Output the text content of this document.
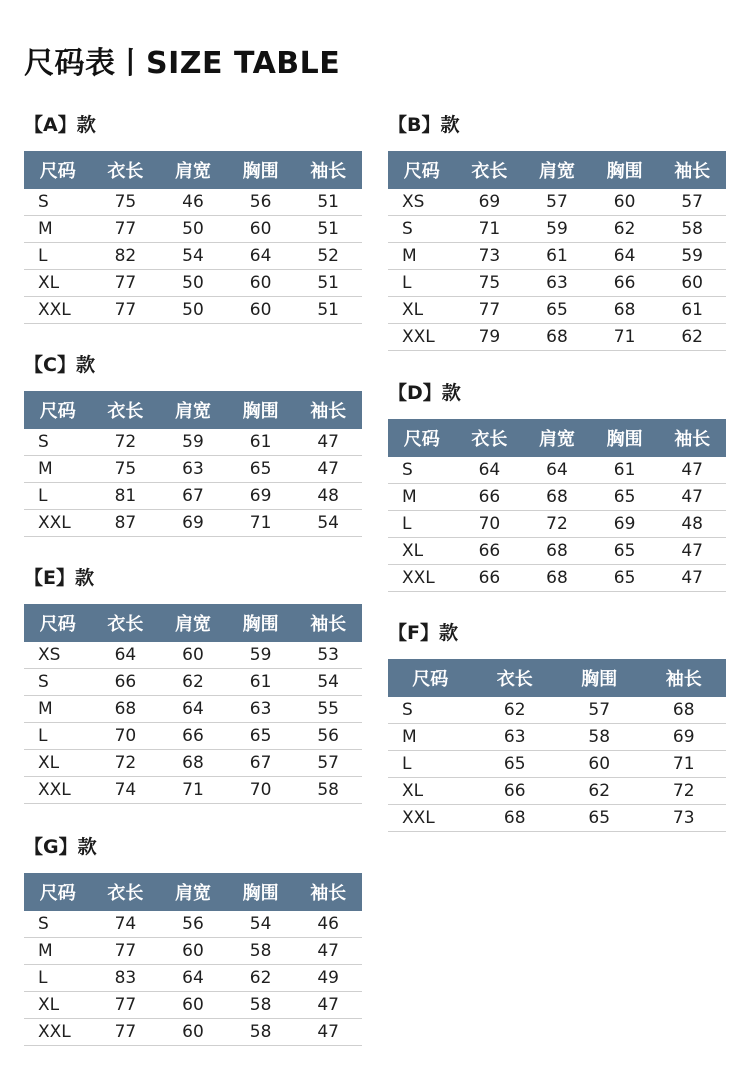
尺码表丨SIZE TABLE
【A】款
尺码	衣长	肩宽	胸围	袖长
S	75	46	56	51
M	77	50	60	51
L	82	54	64	52
XL	77	50	60	51
XXL	77	50	60	51
【C】款
尺码	衣长	肩宽	胸围	袖长
S	72	59	61	47
M	75	63	65	47
L	81	67	69	48
XXL	87	69	71	54
【E】款
尺码	衣长	肩宽	胸围	袖长
XS	64	60	59	53
S	66	62	61	54
M	68	64	63	55
L	70	66	65	56
XL	72	68	67	57
XXL	74	71	70	58
【G】款
尺码	衣长	肩宽	胸围	袖长
S	74	56	54	46
M	77	60	58	47
L	83	64	62	49
XL	77	60	58	47
XXL	77	60	58	47
【B】款
尺码	衣长	肩宽	胸围	袖长
XS	69	57	60	57
S	71	59	62	58
M	73	61	64	59
L	75	63	66	60
XL	77	65	68	61
XXL	79	68	71	62
【D】款
尺码	衣长	肩宽	胸围	袖长
S	64	64	61	47
M	66	68	65	47
L	70	72	69	48
XL	66	68	65	47
XXL	66	68	65	47
【F】款
尺码	衣长	胸围	袖长
S	62	57	68
M	63	58	69
L	65	60	71
XL	66	62	72
XXL	68	65	73
